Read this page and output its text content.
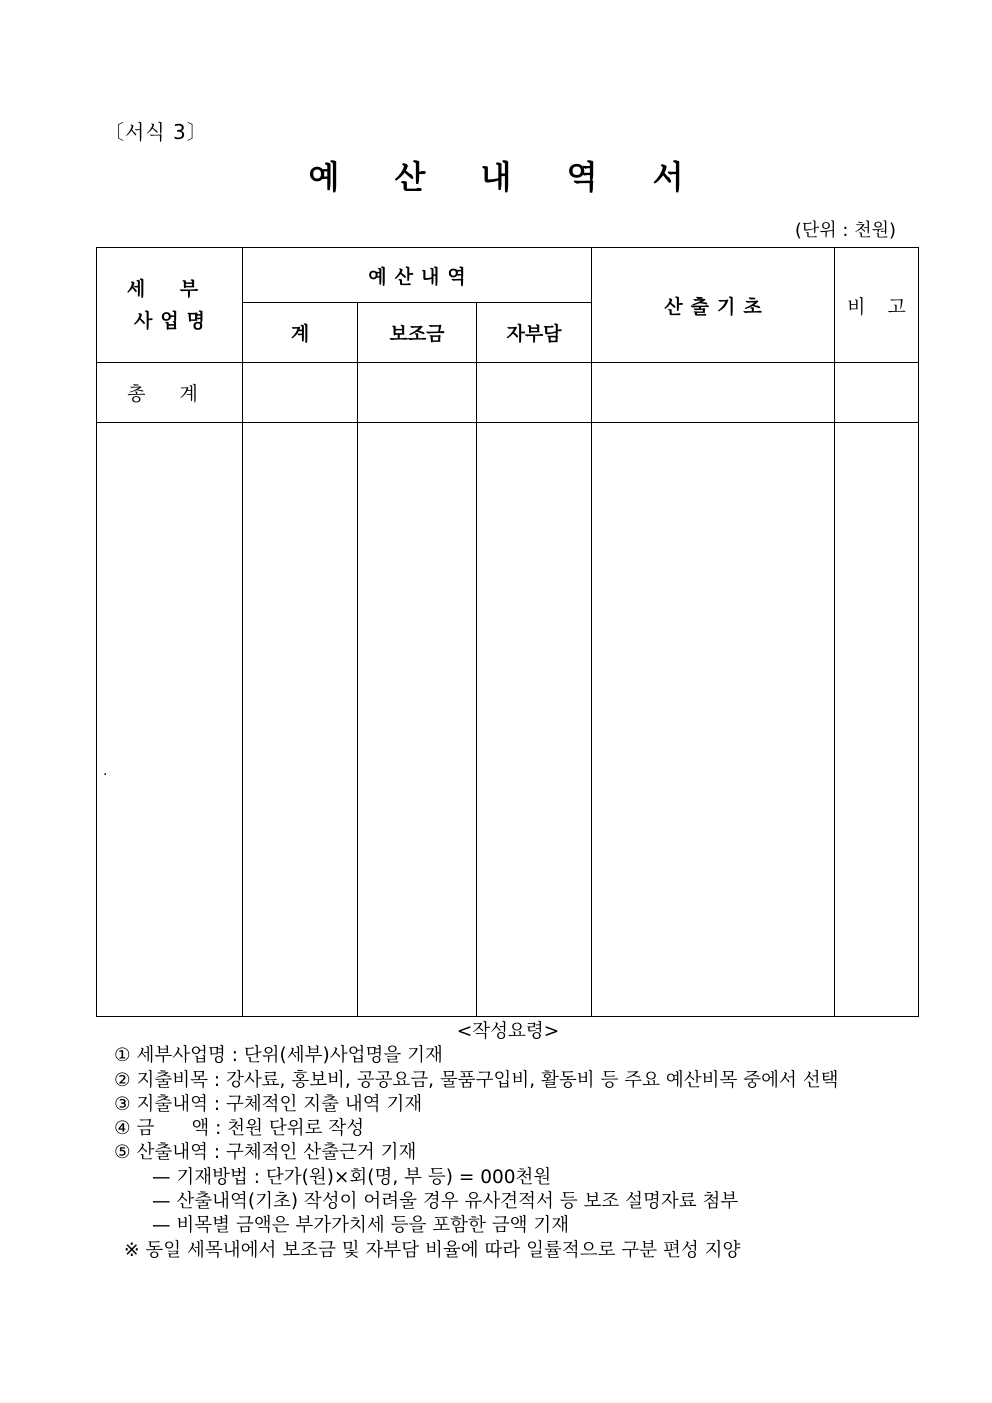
〔서식 3〕
예 산 내 역 서
(단위 : 천원)
세 부
사업명	예산내역			산출기초	비 고
	계	보조금	자부담		
총 계					

.					

<작성요령>
① 세부사업명 : 단위(세부)사업명을 기재
② 지출비목 : 강사료, 홍보비, 공공요금, 물품구입비, 활동비 등 주요 예산비목 중에서 선택
③ 지출내역 : 구체적인 지출 내역 기재
④ 금　　액 : 천원 단위로 작성
⑤ 산출내역 : 구체적인 산출근거 기재
— 기재방법 : 단가(원)×회(명, 부 등) = 000천원
— 산출내역(기초) 작성이 어려울 경우 유사견적서 등 보조 설명자료 첨부
— 비목별 금액은 부가가치세 등을 포함한 금액 기재
※ 동일 세목내에서 보조금 및 자부담 비율에 따라 일률적으로 구분 편성 지양
